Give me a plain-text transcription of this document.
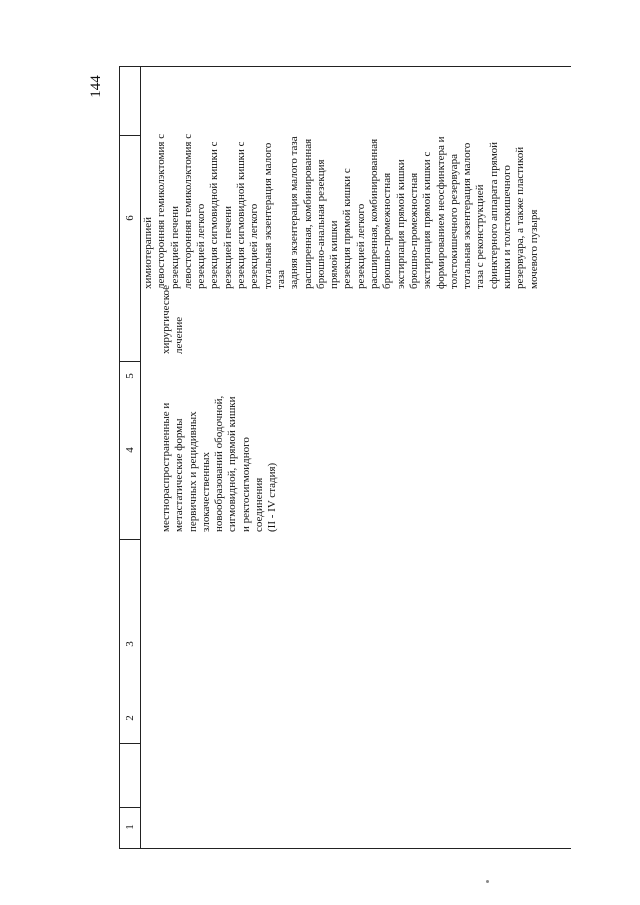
144
1
2
3
4
5
6
местнораспространенные и метастатические формы первичных и рецидивных злокачественных новообразований ободочной, сигмовидной, прямой кишки и ректосигмоидного соединения (II - IV стадия)
хирургическое лечение
химиотерапией левосторонняя гемиколэктомия с резекцией печени левосторонняя гемиколэктомия с резекцией легкого резекция сигмовидной кишки с резекцией печени резекция сигмовидной кишки с резекцией легкого тотальная экзентерация малого таза задняя экзентерация малого таза расширенная, комбинированная брюшно-анальная резекция прямой кишки резекция прямой кишки с резекцией легкого расширенная, комбинированная брюшно-промежностная экстирпация прямой кишки брюшно-промежностная экстирпация прямой кишки с формированием неосфинктера и толстокишечного резервуара тотальная экзентерация малого таза с реконструкцией сфинктерного аппарата прямой кишки и толстокишечного резервуара, а также пластикой мочевого пузыря
